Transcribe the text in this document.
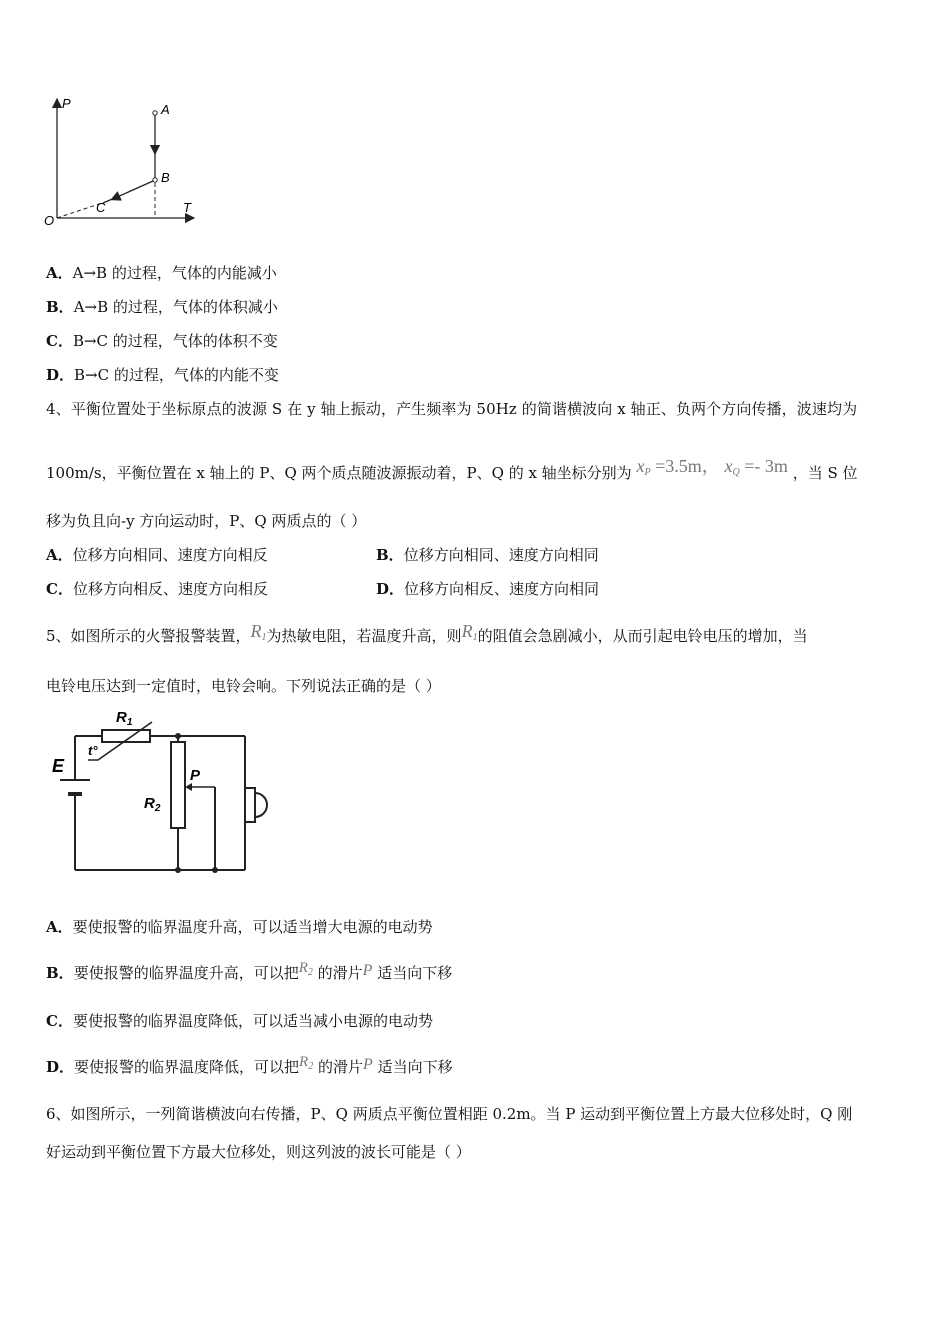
P
T
O
A
B
C
A．A→B 的过程，气体的内能减小
B．A→B 的过程，气体的体积减小
C．B→C 的过程，气体的体积不变
D．B→C 的过程，气体的内能不变
4、平衡位置处于坐标原点的波源 S 在 y 轴上振动，产生频率为 50Hz 的简谐横波向 x 轴正、负两个方向传播，波速均为
100m/s，平衡位置在 x 轴上的 P、Q 两个质点随波源振动着，P、Q 的 x 轴坐标分别为 $x_P =3.5m$， $x_Q =- 3m$ ，当 S 位
移为负且向-y 方向运动时，P、Q 两质点的（ ）
A．位移方向相同、速度方向相反	B．位移方向相同、速度方向相同
C．位移方向相反、速度方向相反	D．位移方向相反、速度方向相同
5、如图所示的火警报警装置，$R_1$为热敏电阻，若温度升高，则$R_1$的阻值会急剧减小，从而引起电铃电压的增加，当
电铃电压达到一定值时，电铃会响。下列说法正确的是（ ）
$R_1$
t°
E
$R_2$
P
A．要使报警的临界温度升高，可以适当增大电源的电动势
B．要使报警的临界温度升高，可以把$R_2$ 的滑片P 适当向下移
C．要使报警的临界温度降低，可以适当减小电源的电动势
D．要使报警的临界温度降低，可以把$R_2$ 的滑片P 适当向下移
6、如图所示，一列简谐横波向右传播，P、Q 两质点平衡位置相距 0.2m。当 P 运动到平衡位置上方最大位移处时，Q 刚
好运动到平衡位置下方最大位移处，则这列波的波长可能是（ ）
